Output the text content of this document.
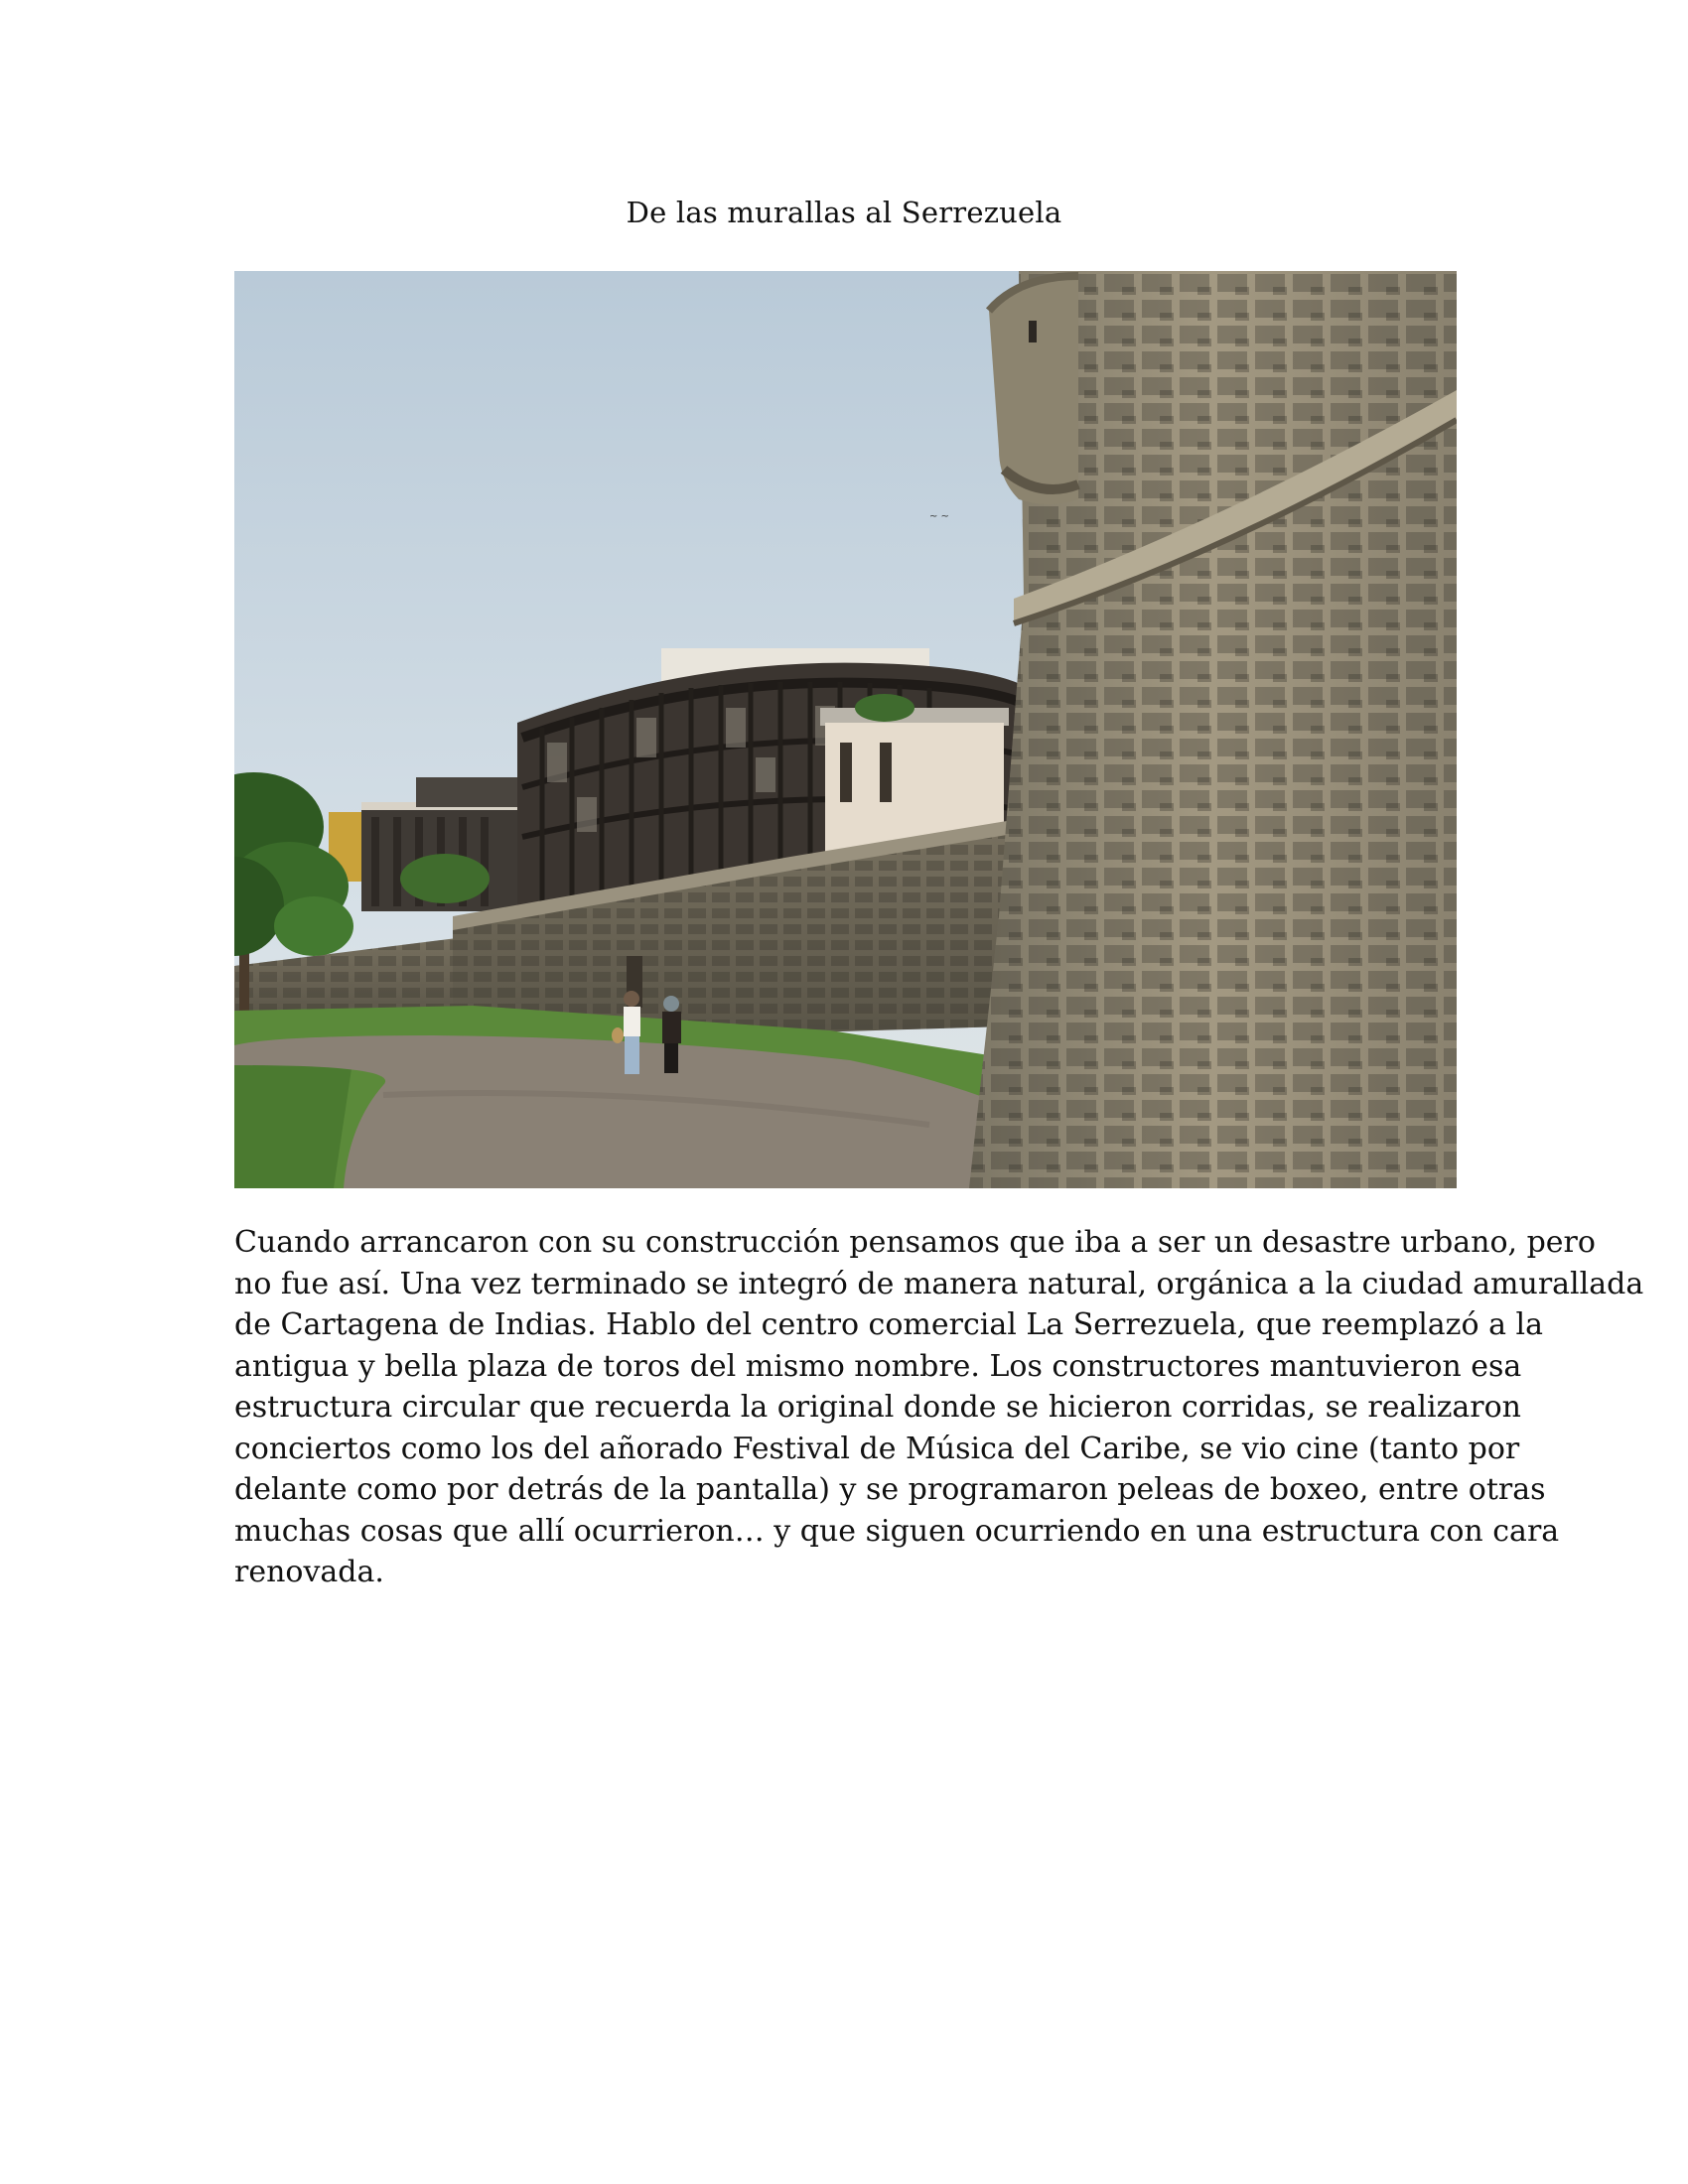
De las murallas al Serrezuela
~ ~
Cuando arrancaron con su construcción pensamos que iba a ser un desastre urbano, pero
no fue así. Una vez terminado se integró de manera natural, orgánica a la ciudad amurallada
de Cartagena de Indias. Hablo del centro comercial La Serrezuela, que reemplazó a la
antigua y bella plaza de toros del mismo nombre. Los constructores mantuvieron esa
estructura circular que recuerda la original donde se hicieron corridas, se realizaron
conciertos como los del añorado Festival de Música del Caribe, se vio cine (tanto por
delante como por detrás de la pantalla) y se programaron peleas de boxeo, entre otras
muchas cosas que allí ocurrieron… y que siguen ocurriendo en una estructura con cara
renovada.
